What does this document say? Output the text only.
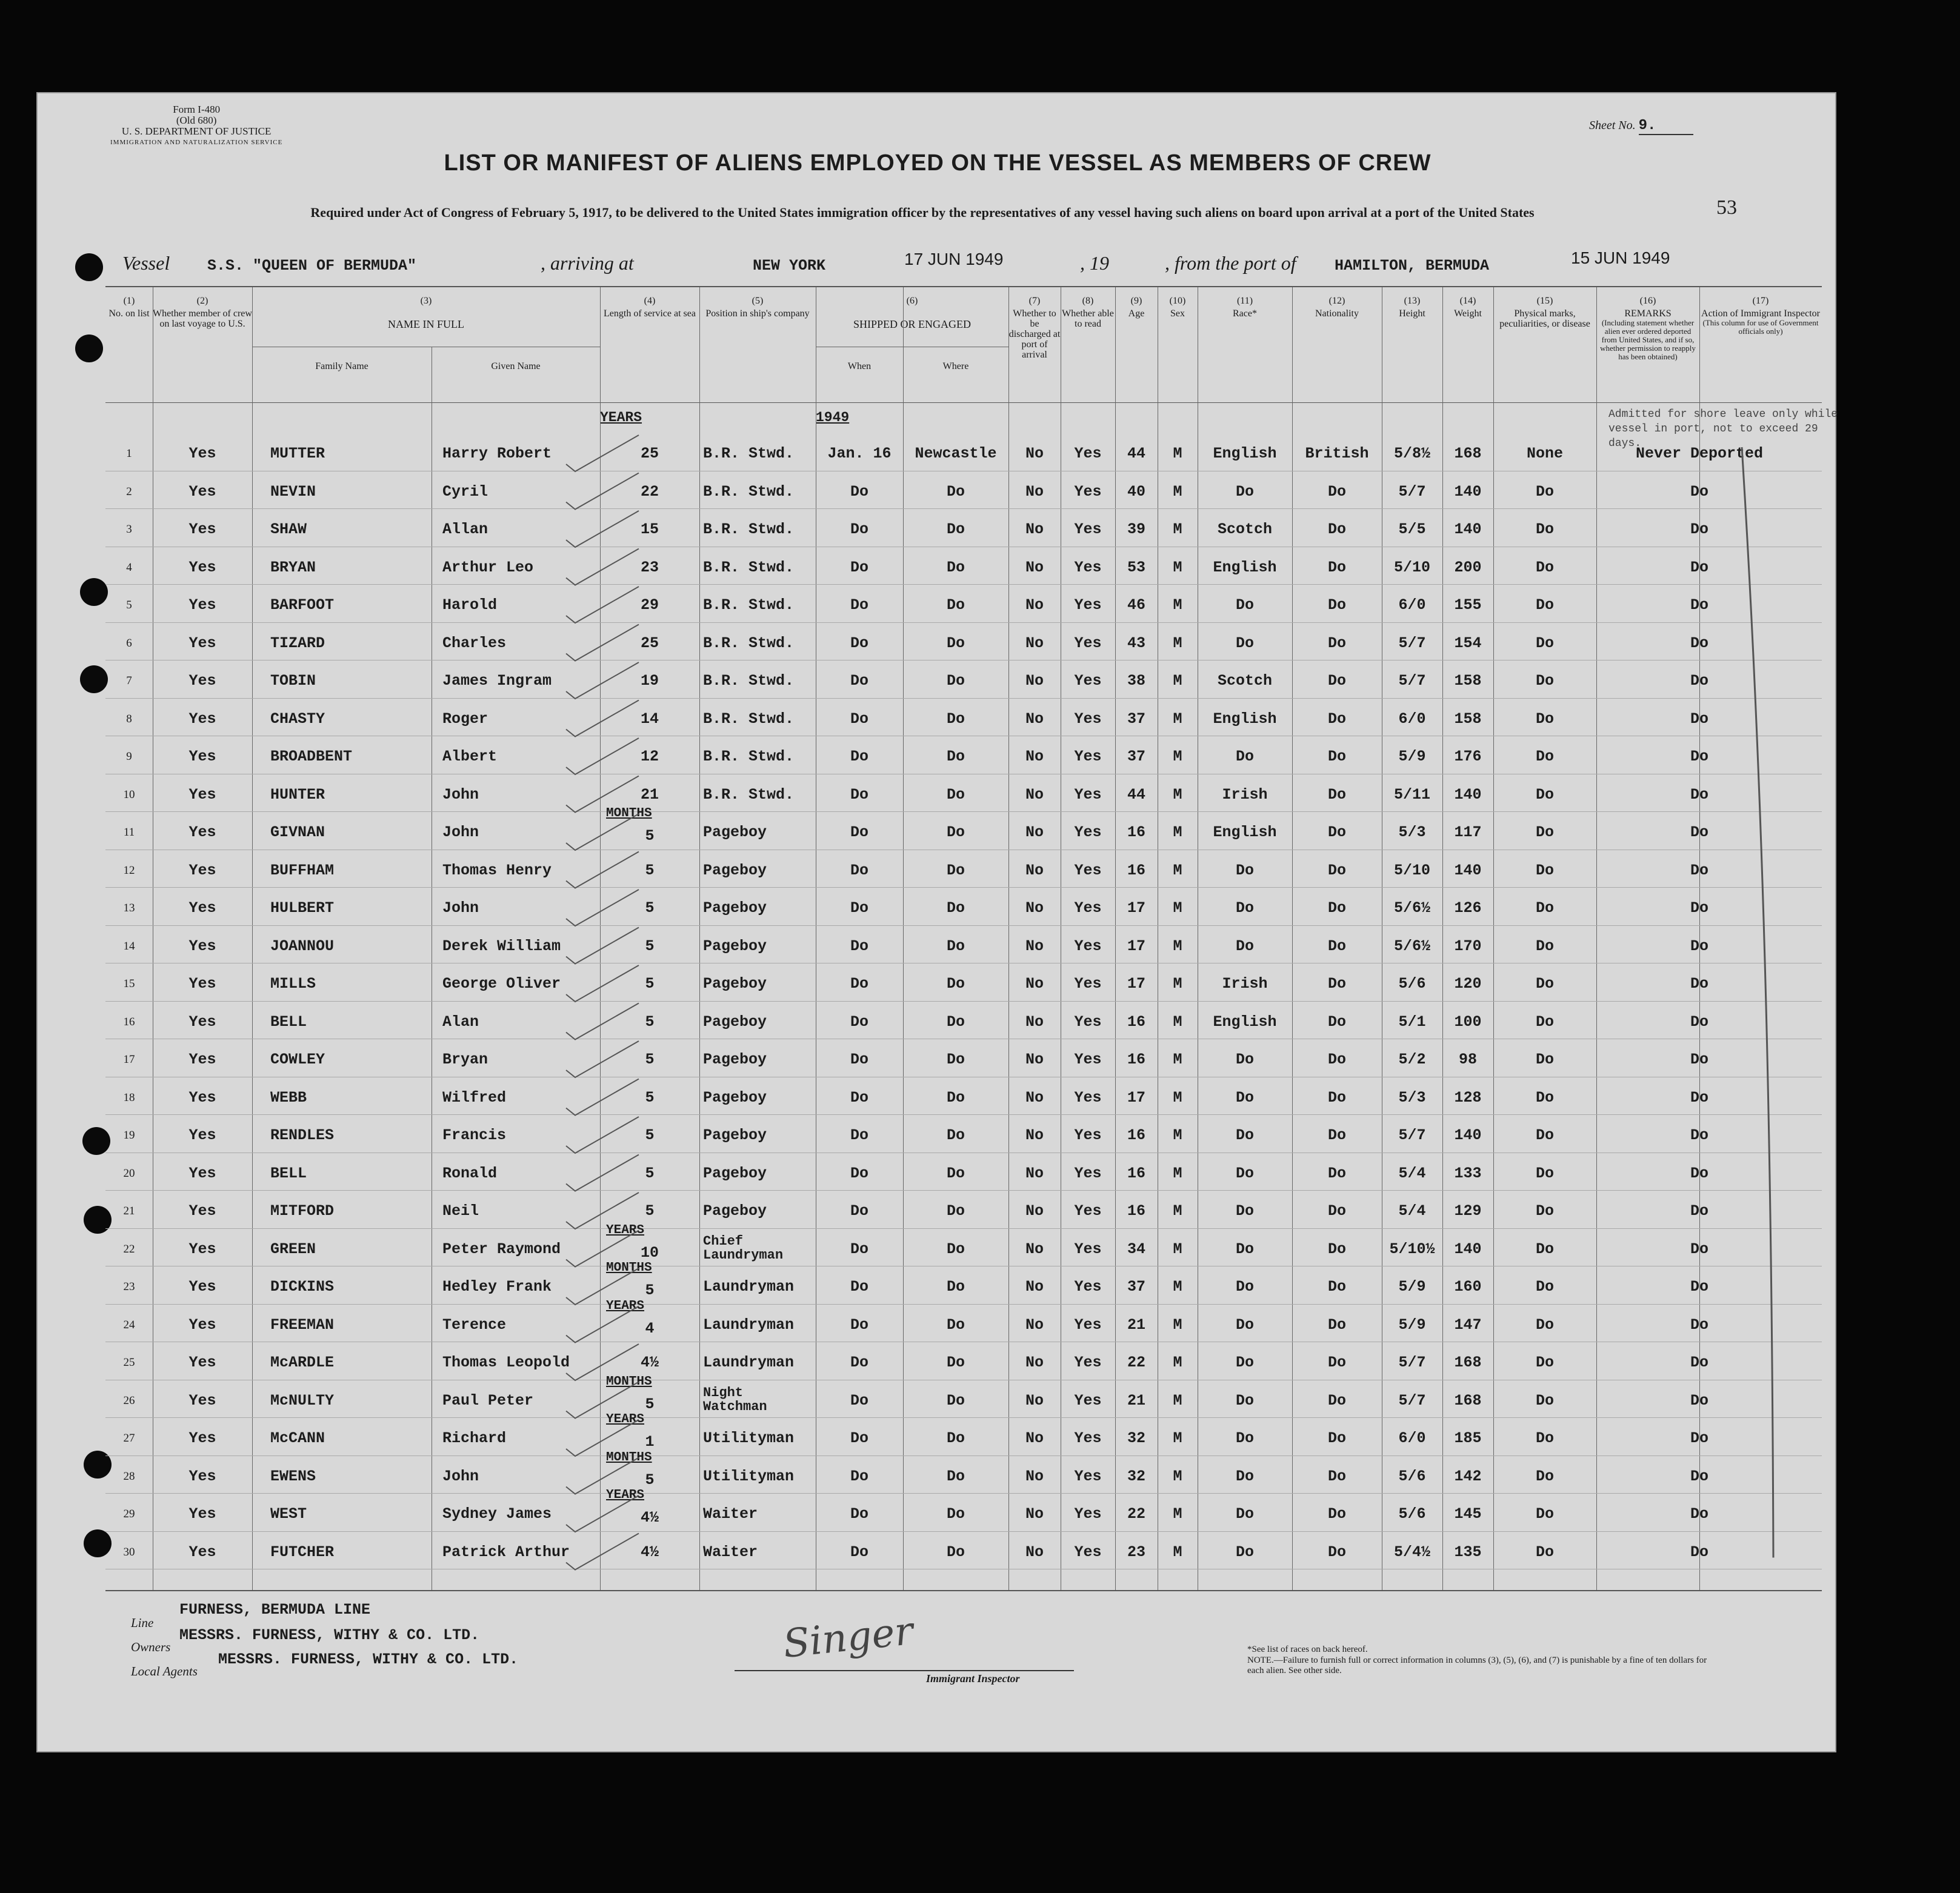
Form I-480
(Old 680)
U. S. DEPARTMENT OF JUSTICE
IMMIGRATION AND NATURALIZATION SERVICE
Sheet No. 9.
LIST OR MANIFEST OF ALIENS EMPLOYED ON THE VESSEL AS MEMBERS OF CREW
Required under Act of Congress of February 5, 1917, to be delivered to the United States immigration officer by the representatives of any vessel having such aliens on board upon arrival at a port of the United States	53
Vessel S.S. "QUEEN OF BERMUDA"	, arriving at	NEW YORK	17 JUN 1949	, 19	, from the port of	HAMILTON, BERMUDA	15 JUN 1949
(1)
No. on list
(2)
Whether member of crew on last voyage to U.S.
(3)
NAME IN FULL
Family Name	Given Name
(4)
Length of service at sea
(5)
Position in ship's company
(6)
SHIPPED OR ENGAGED
When	Where
(7)
Whether to be discharged at port of arrival
(8)
Whether able to read
(9)
Age
(10)
Sex
(11)
Race*
(12)
Nationality
(13)
Height
(14)
Weight
(15)
Physical marks, peculiarities, or disease
(16)
REMARKS
(Including statement whether alien ever ordered deported from United States, and if so, whether permission to reapply has been obtained)
(17)
Action of Immigrant Inspector
(This column for use of Government officials only)
YEARS	1949	Admitted for shore leave only while vessel in port, not to exceed 29 days.
1	Yes	MUTTER	Harry Robert	25	B.R. Stwd.	Jan. 16	Newcastle	No	Yes	44	M	English	British	5/8½	168	None	Never Deported
2	Yes	NEVIN	Cyril	22	B.R. Stwd.	Do	Do	No	Yes	40	M	Do	Do	5/7	140	Do	Do
3	Yes	SHAW	Allan	15	B.R. Stwd.	Do	Do	No	Yes	39	M	Scotch	Do	5/5	140	Do	Do
4	Yes	BRYAN	Arthur Leo	23	B.R. Stwd.	Do	Do	No	Yes	53	M	English	Do	5/10	200	Do	Do
5	Yes	BARFOOT	Harold	29	B.R. Stwd.	Do	Do	No	Yes	46	M	Do	Do	6/0	155	Do	Do
6	Yes	TIZARD	Charles	25	B.R. Stwd.	Do	Do	No	Yes	43	M	Do	Do	5/7	154	Do	Do
7	Yes	TOBIN	James Ingram	19	B.R. Stwd.	Do	Do	No	Yes	38	M	Scotch	Do	5/7	158	Do	Do
8	Yes	CHASTY	Roger	14	B.R. Stwd.	Do	Do	No	Yes	37	M	English	Do	6/0	158	Do	Do
9	Yes	BROADBENT	Albert	12	B.R. Stwd.	Do	Do	No	Yes	37	M	Do	Do	5/9	176	Do	Do
10	Yes	HUNTER	John	21	B.R. Stwd.	Do	Do	No	Yes	44	M	Irish	Do	5/11	140	Do	Do
11	Yes	GIVNAN	John	5	Pageboy	Do	Do	No	Yes	16	M	English	Do	5/3	117	Do	Do
MONTHS
12	Yes	BUFFHAM	Thomas Henry	5	Pageboy	Do	Do	No	Yes	16	M	Do	Do	5/10	140	Do	Do
13	Yes	HULBERT	John	5	Pageboy	Do	Do	No	Yes	17	M	Do	Do	5/6½	126	Do	Do
14	Yes	JOANNOU	Derek William	5	Pageboy	Do	Do	No	Yes	17	M	Do	Do	5/6½	170	Do	Do
15	Yes	MILLS	George Oliver	5	Pageboy	Do	Do	No	Yes	17	M	Irish	Do	5/6	120	Do	Do
16	Yes	BELL	Alan	5	Pageboy	Do	Do	No	Yes	16	M	English	Do	5/1	100	Do	Do
17	Yes	COWLEY	Bryan	5	Pageboy	Do	Do	No	Yes	16	M	Do	Do	5/2	98	Do	Do
18	Yes	WEBB	Wilfred	5	Pageboy	Do	Do	No	Yes	17	M	Do	Do	5/3	128	Do	Do
19	Yes	RENDLES	Francis	5	Pageboy	Do	Do	No	Yes	16	M	Do	Do	5/7	140	Do	Do
20	Yes	BELL	Ronald	5	Pageboy	Do	Do	No	Yes	16	M	Do	Do	5/4	133	Do	Do
21	Yes	MITFORD	Neil	5	Pageboy	Do	Do	No	Yes	16	M	Do	Do	5/4	129	Do	Do
22	Yes	GREEN	Peter Raymond	10
Chief
Laundryman	Do	Do	No	Yes	34	M	Do	Do	5/10½	140	Do	Do
YEARS
23	Yes	DICKINS	Hedley Frank	5	Laundryman	Do	Do	No	Yes	37	M	Do	Do	5/9	160	Do	Do
MONTHS
24	Yes	FREEMAN	Terence	4	Laundryman	Do	Do	No	Yes	21	M	Do	Do	5/9	147	Do	Do
YEARS
25	Yes	McARDLE	Thomas Leopold	4½	Laundryman	Do	Do	No	Yes	22	M	Do	Do	5/7	168	Do	Do
26	Yes	McNULTY	Paul Peter	5
Night
Watchman	Do	Do	No	Yes	21	M	Do	Do	5/7	168	Do	Do
MONTHS
27	Yes	McCANN	Richard	1	Utilityman	Do	Do	No	Yes	32	M	Do	Do	6/0	185	Do	Do
YEARS
28	Yes	EWENS	John	5	Utilityman	Do	Do	No	Yes	32	M	Do	Do	5/6	142	Do	Do
MONTHS
29	Yes	WEST	Sydney James	4½	Waiter	Do	Do	No	Yes	22	M	Do	Do	5/6	145	Do	Do
YEARS
30	Yes	FUTCHER	Patrick Arthur	4½	Waiter	Do	Do	No	Yes	23	M	Do	Do	5/4½	135	Do	Do
Line
FURNESS, BERMUDA LINE
Owners
MESSRS. FURNESS, WITHY & CO. LTD.
Local Agents
MESSRS. FURNESS, WITHY & CO. LTD.	Singer
Immigrant Inspector
*See list of races on back hereof.
NOTE.—Failure to furnish full or correct information in columns (3), (5), (6), and (7) is punishable by a fine of ten dollars for each alien. See other side.
